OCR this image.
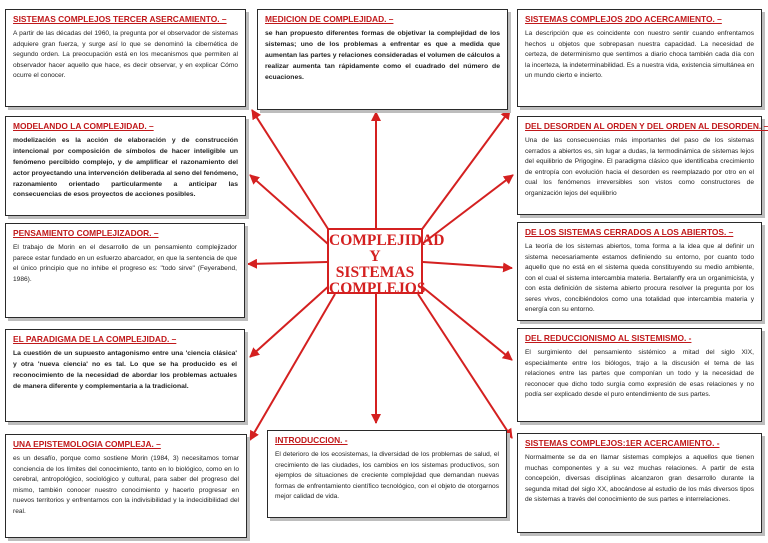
COMPLEJIDAD Y SISTEMAS COMPLEJOS
SISTEMAS COMPLEJOS TERCER ASERCAMIENTO. –

A partir de las décadas del 1960, la pregunta por el observador de sistemas adquiere gran fuerza, y surge así lo que se denominó la cibernética de segundo orden. La preocupación está en los mecanismos que permiten al observador hacer aquello que hace, es decir observar, y en explicar Cómo ocurre el conocer.

MEDICION DE COMPLEJIDAD. –

se han propuesto diferentes formas de objetivar la complejidad de los sistemas; uno de los problemas a enfrentar es que a medida que aumentan las partes y relaciones consideradas el volumen de cálculos a realizar aumenta tan rápidamente como el cuadrado del número de ecuaciones.

SISTEMAS COMPLEJOS 2DO ACERCAMIENTO. –

La descripción que es coincidente con nuestro sentir cuando enfrentamos hechos u objetos que sobrepasan nuestra capacidad. La necesidad de certeza, de determinismo que sentimos a diario choca también cada día con la incerteza, la indeterminabilidad. Es a nuestra vida, existencia simultánea en un mundo cierto e incierto.

MODELANDO LA COMPLEJIDAD. –

modelización es la acción de elaboración y de construcción intencional por composición de símbolos de hacer inteligible un fenómeno percibido complejo, y de amplificar el razonamiento del actor proyectando una intervención deliberada al seno del fenómeno, razonamiento orientado particularmente a anticipar las consecuencias de esos proyectos de acciones posibles.

DEL DESORDEN AL ORDEN Y DEL ORDEN AL DESORDEN. –

Una de las consecuencias más importantes del paso de los sistemas cerrados a abiertos es, sin lugar a dudas, la termodinámica de sistemas lejos del equilibrio de Prigogine. El paradigma clásico que identificaba crecimiento de entropía con evolución hacia el desorden es reemplazado por otro en el cual los fenómenos irreversibles son vistos como constructores de organización lejos del equilibrio

PENSAMIENTO COMPLEJIZADOR. –

El trabajo de Morin en el desarrollo de un pensamiento complejizador parece estar fundado en un esfuerzo abarcador, en que la sentencia de que el único principio que no inhibe el progreso es: "todo sirve" (Feyerabend, 1986).

DE LOS SISTEMAS CERRADOS A LOS ABIERTOS. –

La teoría de los sistemas abiertos, toma forma a la idea que al definir un sistema necesariamente estamos definiendo su entorno, por cuanto todo aquello que no está en el sistema queda constituyendo su medio ambiente, con el cual el sistema intercambia materia. Bertalanffy era un organimicista, y con esta definición de sistema abierto procura resolver la pregunta por los seres vivos, concibiéndolos como una totalidad que intercambia materia y energía con su entorno.

EL PARADIGMA DE LA COMPLEJIDAD. –

La cuestión de un supuesto antagonismo entre una 'ciencia clásica' y otra 'nueva ciencia' no es tal. Lo que se ha producido es el reconocimiento de la necesidad de abordar los problemas actuales de manera diferente y complementaria a la tradicional.

DEL REDUCCIONISMO AL SISTEMISMO. -

El surgimiento del pensamiento sistémico a mitad del siglo XIX, especialmente entre los biólogos, trajo a la discusión el tema de las relaciones entre las partes que componían un todo y la necesidad de reconocer que dicho todo surgía como expresión de esas relaciones y no podía ser explicado desde el puro entendimiento de sus partes.

UNA EPISTEMOLOGIA COMPLEJA. –

es un desafío, porque como sostiene Morin (1984, 3) necesitamos tomar conciencia de los límites del conocimiento, tanto en lo biológico, como en lo cerebral, antropológico, sociológico y cultural, para saber del progreso del mismo, también conocer nuestro conocimiento y hacerlo progresar en nuevos territorios y enfrentarnos con la indivisibilidad y la indecidibilidad del real.

INTRODUCCION. -

El deterioro de los ecosistemas, la diversidad de los problemas de salud, el crecimiento de las ciudades, los cambios en los sistemas productivos, son ejemplos de situaciones de creciente complejidad que demandan nuevas formas de enfrentamiento científico tecnológico, con el objeto de otorgarnos mejor calidad de vida.

SISTEMAS COMPLEJOS:1ER ACERCAMIENTO. -

Normalmente se da en llamar sistemas complejos a aquellos que tienen muchas componentes y a su vez muchas relaciones. A partir de esta concepción, diversas disciplinas alcanzaron gran desarrollo durante la segunda mitad del siglo XX, abocándose al estudio de los más diversos tipos de sistemas a través del conocimiento de sus partes e interrelaciones.
